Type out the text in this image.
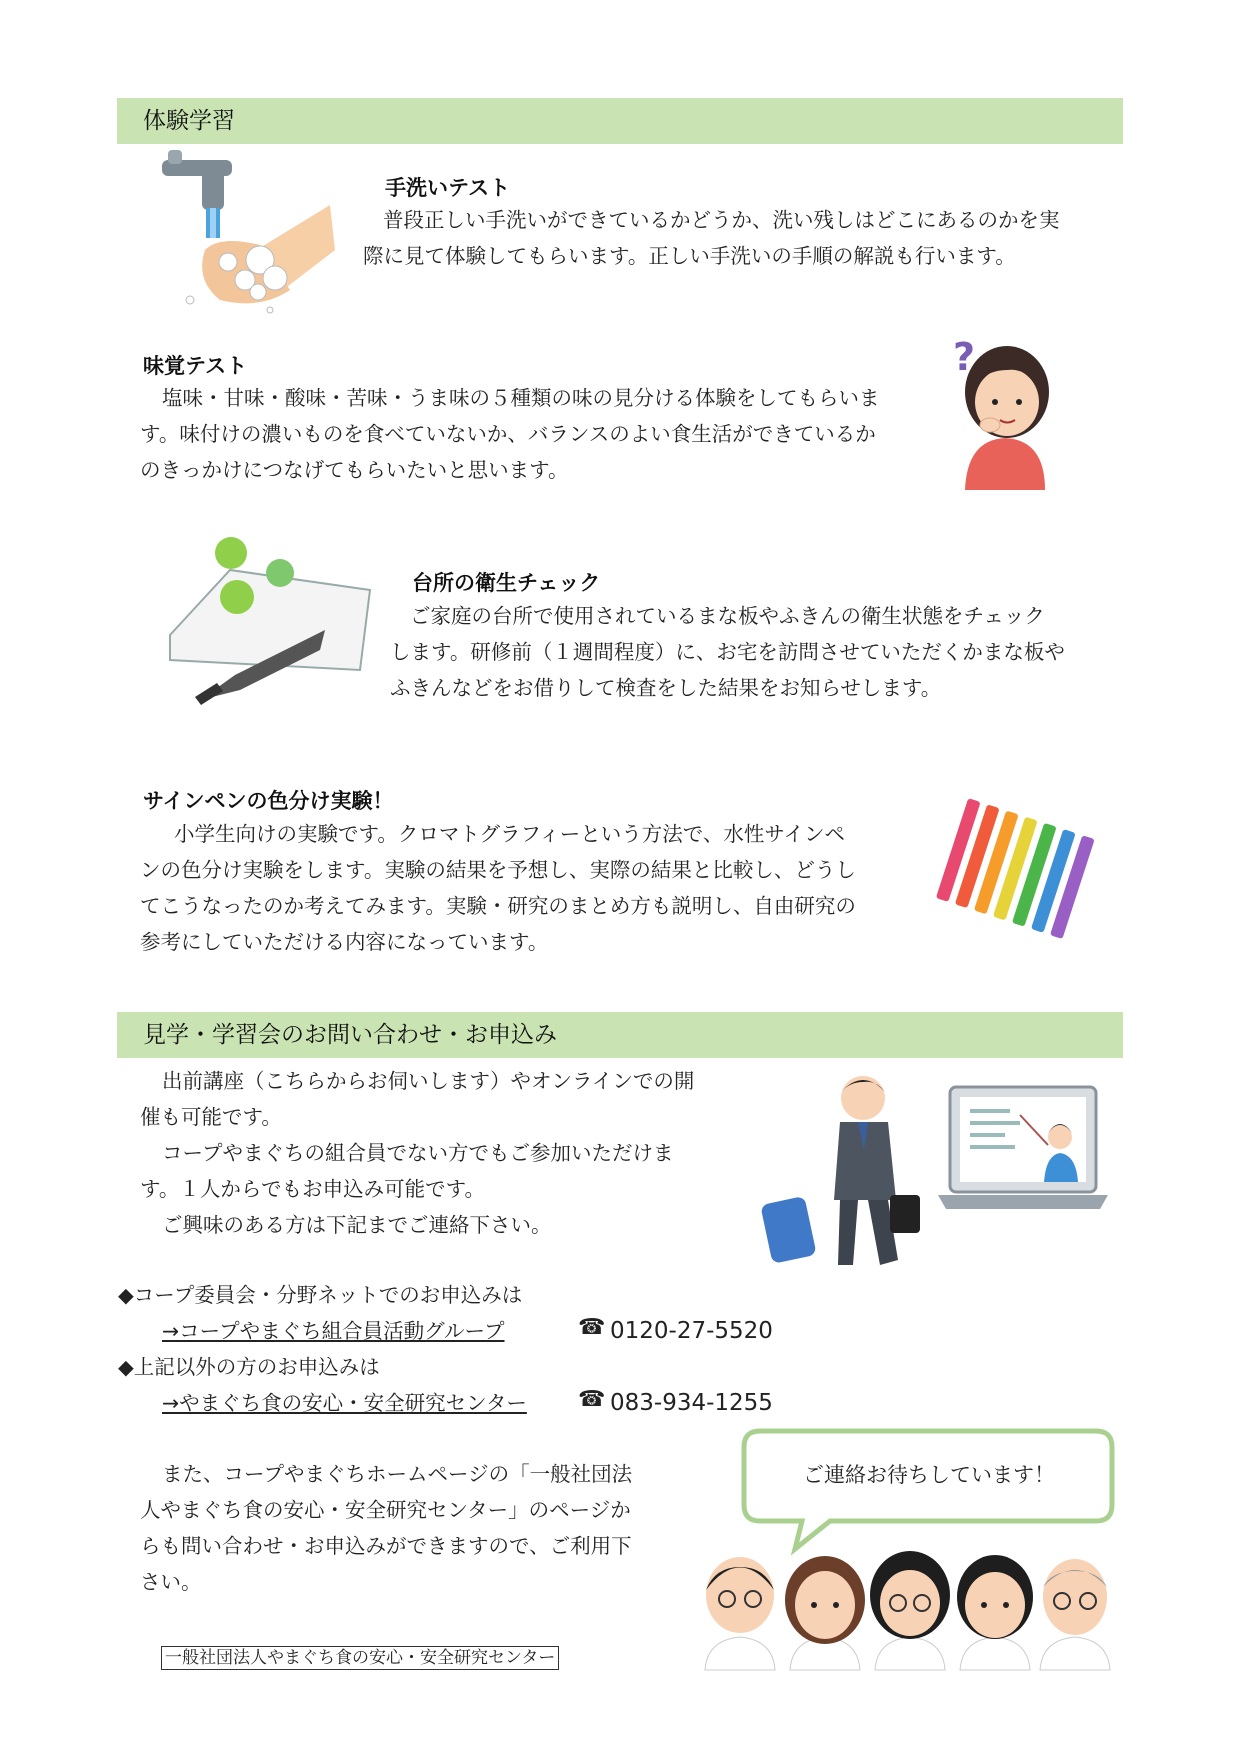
体験学習
手洗いテスト
普段正しい手洗いができているかどうか、洗い残しはどこにあるのかを実
際に見て体験してもらいます。正しい手洗いの手順の解説も行います。
味覚テスト
塩味・甘味・酸味・苦味・うま味の５種類の味の見分ける体験をしてもらいま
す。味付けの濃いものを食べていないか、バランスのよい食生活ができているか
のきっかけにつなげてもらいたいと思います。
?
台所の衛生チェック
ご家庭の台所で使用されているまな板やふきんの衛生状態をチェック
します。研修前（１週間程度）に、お宅を訪問させていただくかまな板や
ふきんなどをお借りして検査をした結果をお知らせします。
サインペンの色分け実験！
小学生向けの実験です。クロマトグラフィーという方法で、水性サインペ
ンの色分け実験をします。実験の結果を予想し、実際の結果と比較し、どうし
てこうなったのか考えてみます。実験・研究のまとめ方も説明し、自由研究の
参考にしていただける内容になっています。
見学・学習会のお問い合わせ・お申込み
出前講座（こちらからお伺いします）やオンラインでの開
催も可能です。
コープやまぐちの組合員でない方でもご参加いただけま
す。１人からでもお申込み可能です。
ご興味のある方は下記までご連絡下さい。
◆コープ委員会・分野ネットでのお申込みは
→コープやまぐち組合員活動グループ	☎ 0120-27-5520
◆上記以外の方のお申込みは
→やまぐち食の安心・安全研究センター ☎ 083-934-1255
また、コープやまぐちホームページの「一般社団法
人やまぐち食の安心・安全研究センター」のページか
らも問い合わせ・お申込みができますので、ご利用下
さい。
ご連絡お待ちしています！
一般社団法人やまぐち食の安心・安全研究センター
